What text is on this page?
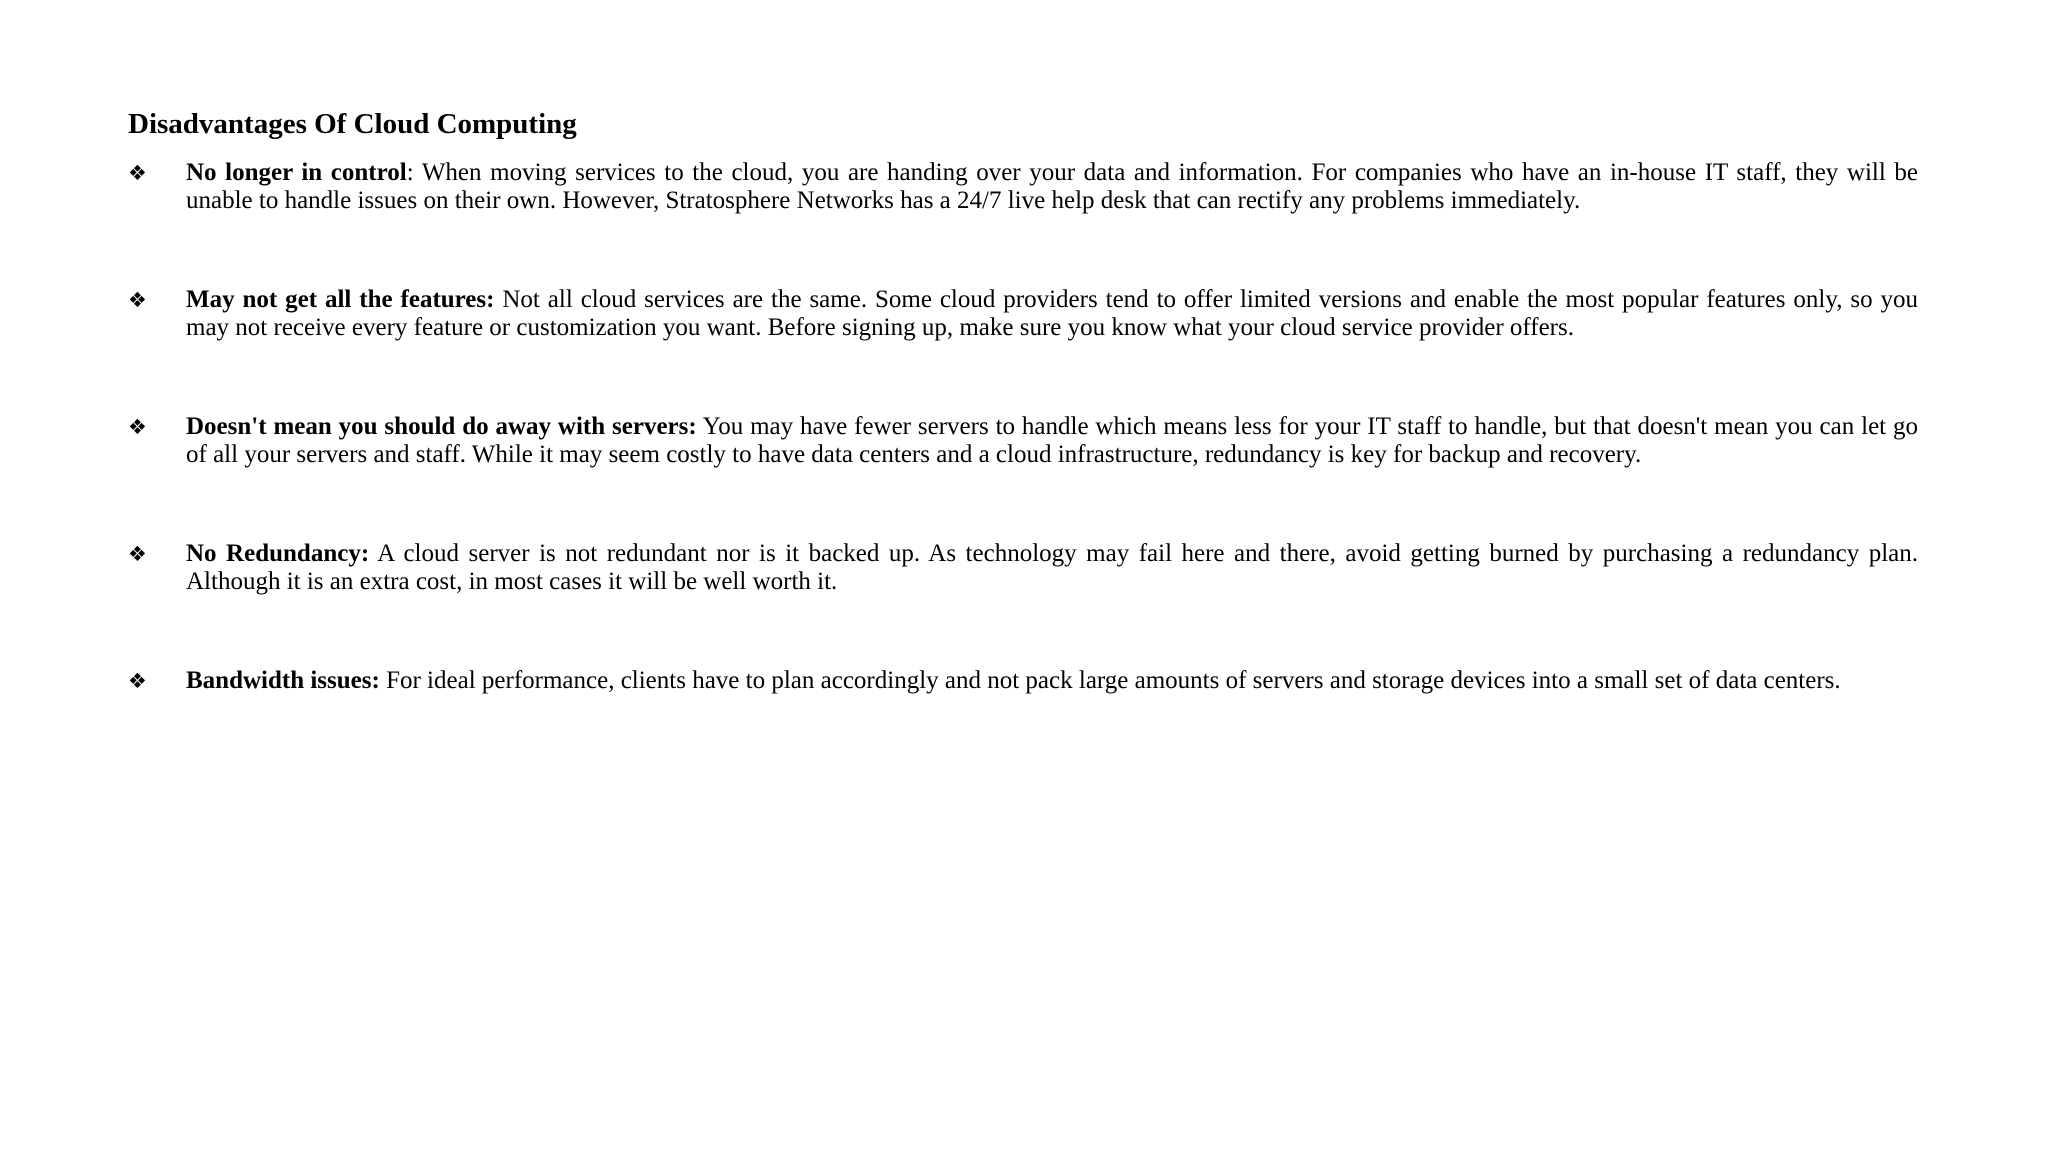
Disadvantages Of Cloud Computing
❖	No longer in control: When moving services to the cloud, you are handing over your data and information. For companies who have an in-house IT staff, they will be unable to handle issues on their own. However, Stratosphere Networks has a 24/7 live help desk that can rectify any problems immediately.

❖	May not get all the features: Not all cloud services are the same. Some cloud providers tend to offer limited versions and enable the most popular features only, so you may not receive every feature or customization you want. Before signing up, make sure you know what your cloud service provider offers.

❖	Doesn't mean you should do away with servers: You may have fewer servers to handle which means less for your IT staff to handle, but that doesn't mean you can let go of all your servers and staff. While it may seem costly to have data centers and a cloud infrastructure, redundancy is key for backup and recovery.

❖	No Redundancy: A cloud server is not redundant nor is it backed up. As technology may fail here and there, avoid getting burned by purchasing a redundancy plan. Although it is an extra cost, in most cases it will be well worth it.

❖	Bandwidth issues: For ideal performance, clients have to plan accordingly and not pack large amounts of servers and storage devices into a small set of data centers.
